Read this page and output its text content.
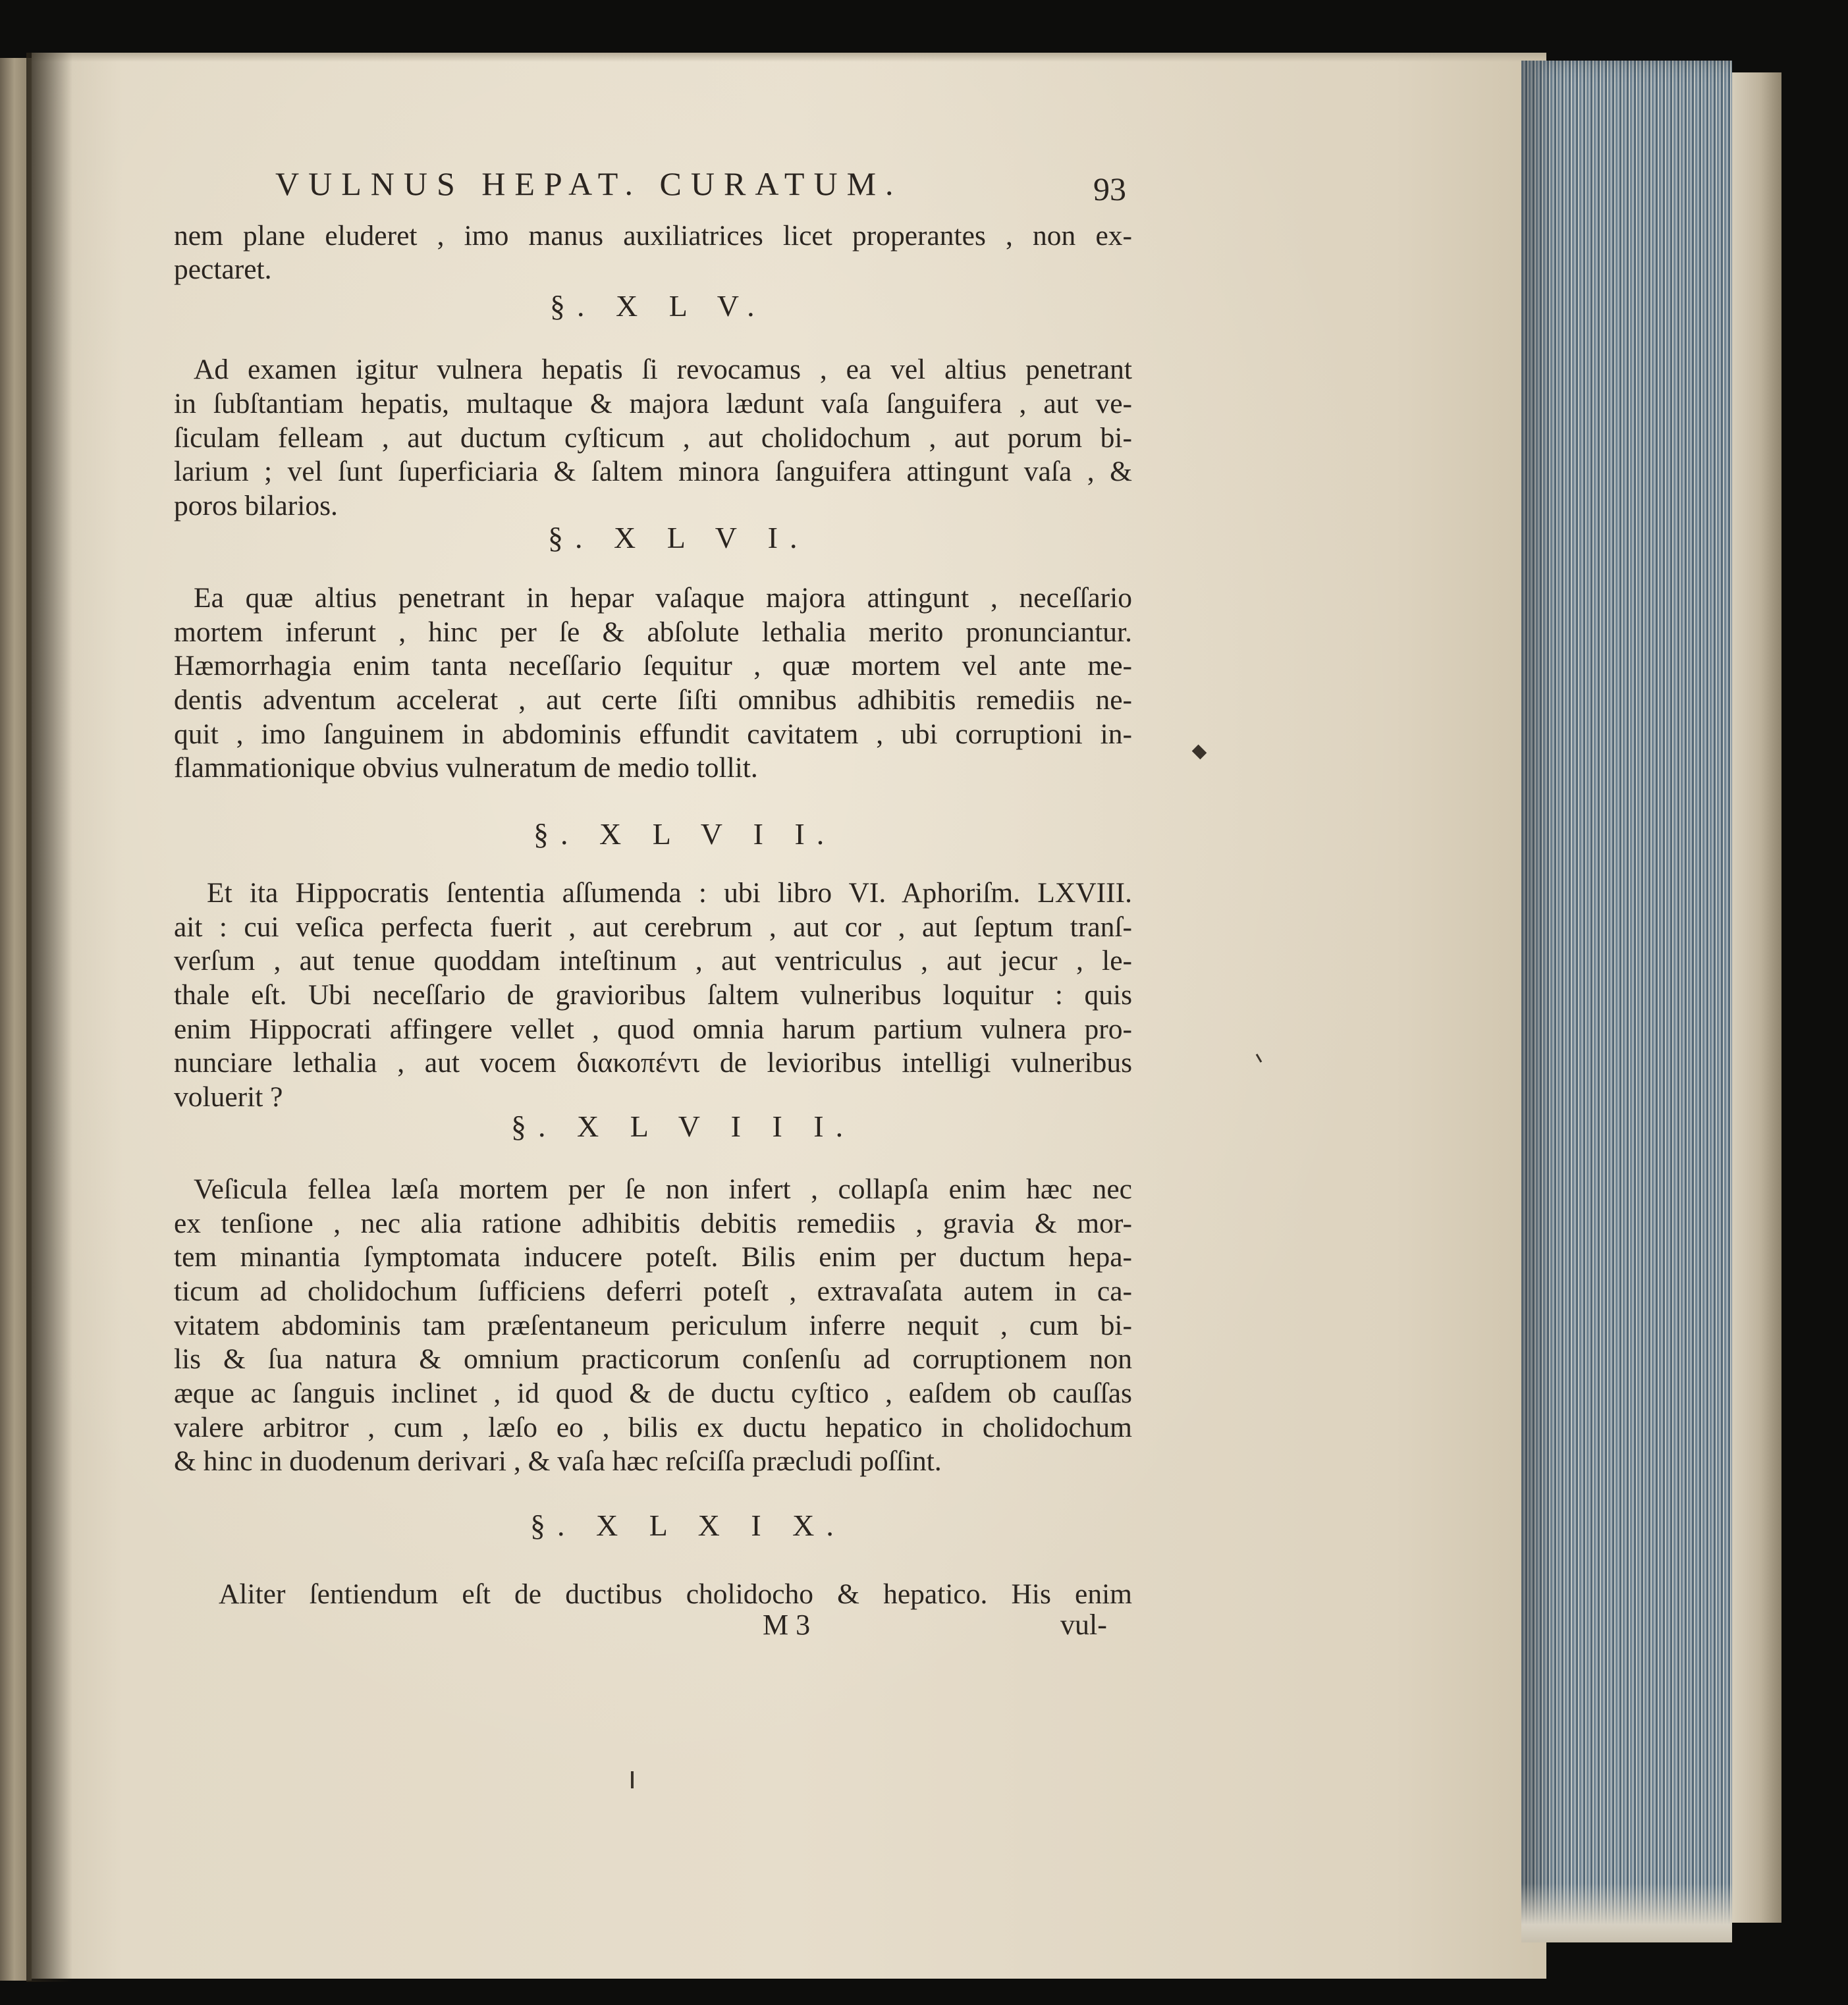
VULNUS HEPAT. CURATUM.	93
nem plane eluderet , imo manus auxiliatrices licet properantes , non ex-
pectaret.
§. X L V.
Ad examen igitur vulnera hepatis ſi revocamus , ea vel altius penetrant
in ſubſtantiam hepatis, multaque & majora lædunt vaſa ſanguifera , aut ve-
ſiculam felleam , aut ductum cyſticum , aut cholidochum , aut porum bi-
larium ; vel ſunt ſuperficiaria & ſaltem minora ſanguifera attingunt vaſa , &
poros bilarios.
§. X L V I.
Ea quæ altius penetrant in hepar vaſaque majora attingunt , neceſſario
mortem inferunt , hinc per ſe & abſolute lethalia merito pronunciantur.
Hæmorrhagia enim tanta neceſſario ſequitur , quæ mortem vel ante me-
dentis adventum accelerat , aut certe ſiſti omnibus adhibitis remediis ne-
quit , imo ſanguinem in abdominis effundit cavitatem , ubi corruptioni in-
flammationique obvius vulneratum de medio tollit.
§. X L V I I.
Et ita Hippocratis ſententia aſſumenda : ubi libro VI. Aphoriſm. LXVIII.
ait : cui veſica perfecta fuerit , aut cerebrum , aut cor , aut ſeptum tranſ-
verſum , aut tenue quoddam inteſtinum , aut ventriculus , aut jecur , le-
thale eſt. Ubi neceſſario de gravioribus ſaltem vulneribus loquitur : quis
enim Hippocrati affingere vellet , quod omnia harum partium vulnera pro-
nunciare lethalia , aut vocem διακοπέντι de levioribus intelligi vulneribus
voluerit ?
§. X L V I I I.
Veſicula fellea læſa mortem per ſe non infert , collapſa enim hæc nec
ex tenſione , nec alia ratione adhibitis debitis remediis , gravia & mor-
tem minantia ſymptomata inducere poteſt. Bilis enim per ductum hepa-
ticum ad cholidochum ſufficiens deferri poteſt , extravaſata autem in ca-
vitatem abdominis tam præſentaneum periculum inferre nequit , cum bi-
lis & ſua natura & omnium practicorum conſenſu ad corruptionem non
æque ac ſanguis inclinet , id quod & de ductu cyſtico , eaſdem ob cauſſas
valere arbitror , cum , læſo eo , bilis ex ductu hepatico in cholidochum
& hinc in duodenum derivari , & vaſa hæc reſciſſa præcludi poſſint.
§. X L X I X.
Aliter ſentiendum eſt de ductibus cholidocho & hepatico. His enim
M 3	vul-
